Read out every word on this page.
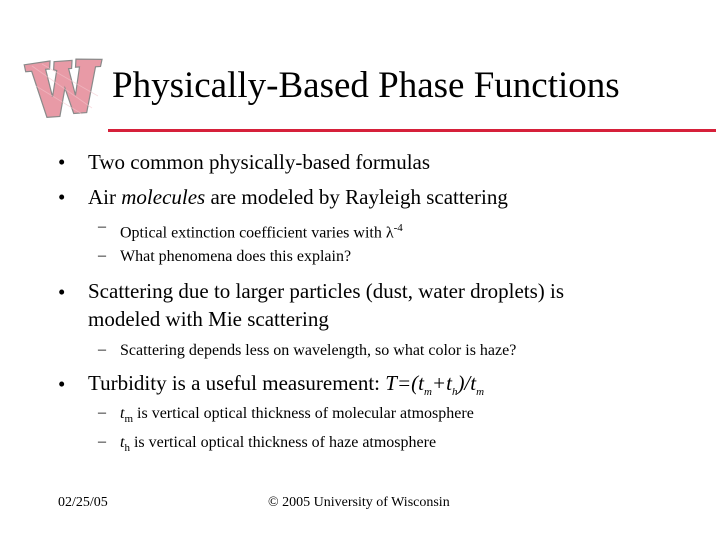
Physically-Based Phase Functions
• Two common physically-based formulas
• Air molecules are modeled by Rayleigh scattering
– Optical extinction coefficient varies with $\lambda^{-4}$
– What phenomena does this explain?
• Scattering due to larger particles (dust, water droplets) is
modeled with Mie scattering
– Scattering depends less on wavelength, so what color is haze?
• Turbidity is a useful measurement: $T=(t_m+t_h)/t_m$
– $t_m$ is vertical optical thickness of molecular atmosphere
– $t_h$ is vertical optical thickness of haze atmosphere
02/25/05	© 2005 University of Wisconsin
